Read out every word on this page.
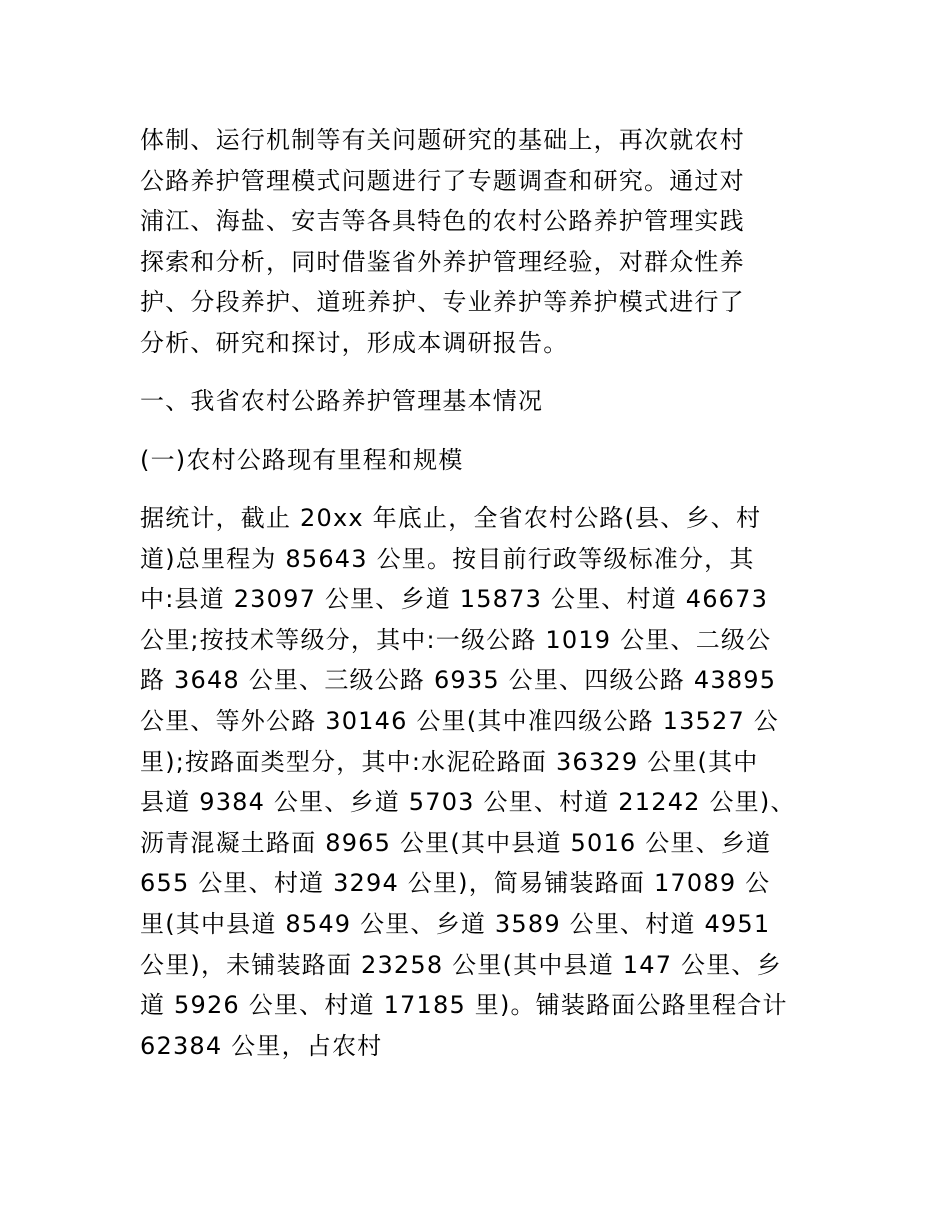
体制、运行机制等有关问题研究的基础上，再次就农村
公路养护管理模式问题进行了专题调查和研究。通过对
浦江、海盐、安吉等各具特色的农村公路养护管理实践
探索和分析，同时借鉴省外养护管理经验，对群众性养
护、分段养护、道班养护、专业养护等养护模式进行了
分析、研究和探讨，形成本调研报告。
一、我省农村公路养护管理基本情况
(一)农村公路现有里程和规模
据统计，截止 20xx 年底止，全省农村公路(县、乡、村
道)总里程为 85643 公里。按目前行政等级标准分，其
中:县道 23097 公里、乡道 15873 公里、村道 46673
公里;按技术等级分，其中:一级公路 1019 公里、二级公
路 3648 公里、三级公路 6935 公里、四级公路 43895
公里、等外公路 30146 公里(其中准四级公路 13527 公
里);按路面类型分，其中:水泥砼路面 36329 公里(其中
县道 9384 公里、乡道 5703 公里、村道 21242 公里)、
沥青混凝土路面 8965 公里(其中县道 5016 公里、乡道
655 公里、村道 3294 公里)，简易铺装路面 17089 公
里(其中县道 8549 公里、乡道 3589 公里、村道 4951
公里)，未铺装路面 23258 公里(其中县道 147 公里、乡
道 5926 公里、村道 17185 里)。铺装路面公路里程合计
62384 公里，占农村
